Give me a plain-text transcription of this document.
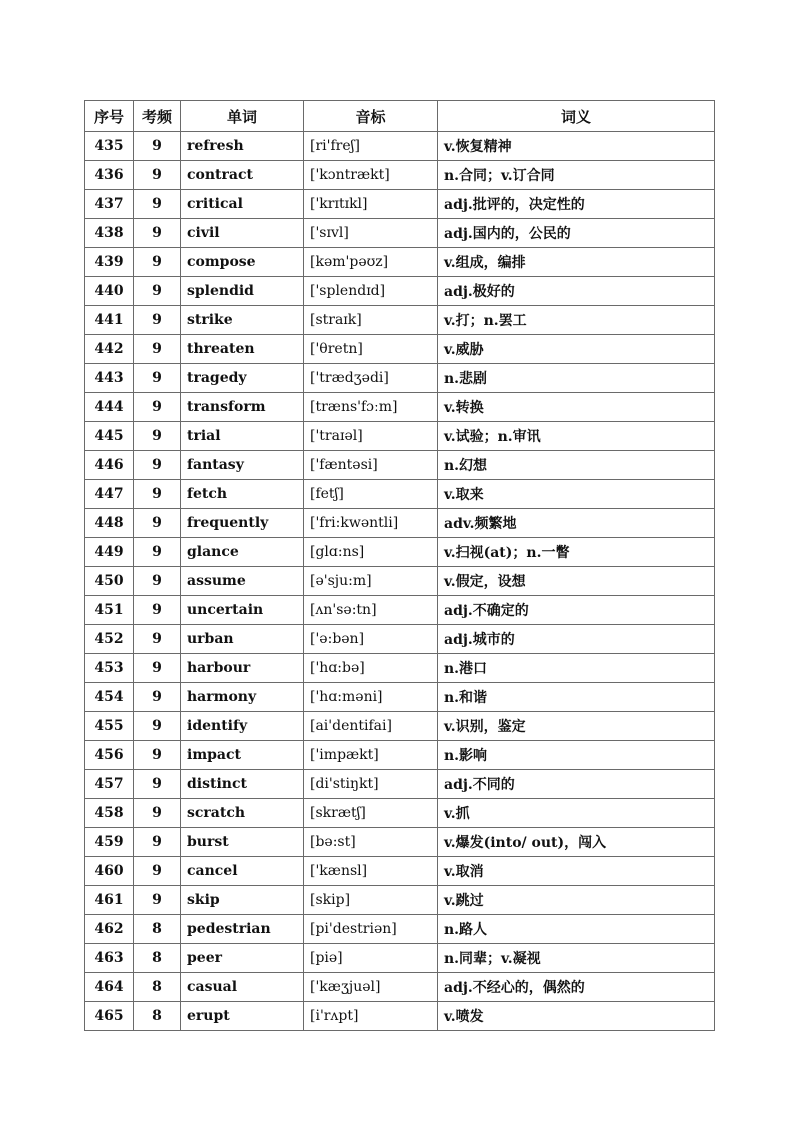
序号	考频	单词	音标	词义
435	9	refresh	[ri'freʃ]	v.恢复精神
436	9	contract	['kɔntrækt]	n.合同；v.订合同
437	9	critical	['krɪtɪkl]	adj.批评的，决定性的
438	9	civil	['sɪvl]	adj.国内的，公民的
439	9	compose	[kəm'pəʊz]	v.组成，编排
440	9	splendid	['splendɪd]	adj.极好的
441	9	strike	[straɪk]	v.打；n.罢工
442	9	threaten	['θretn]	v.威胁
443	9	tragedy	['trædʒədi]	n.悲剧
444	9	transform	[træns'fɔːm]	v.转换
445	9	trial	['traɪəl]	v.试验；n.审讯
446	9	fantasy	['fæntəsi]	n.幻想
447	9	fetch	[fetʃ]	v.取来
448	9	frequently	['fri:kwəntli]	adv.频繁地
449	9	glance	[glɑ:ns]	v.扫视(at)；n.一瞥
450	9	assume	[ə'sju:m]	v.假定，设想
451	9	uncertain	[ʌn'sə:tn]	adj.不确定的
452	9	urban	['ə:bən]	adj.城市的
453	9	harbour	['hɑ:bə]	n.港口
454	9	harmony	['hɑ:məni]	n.和谐
455	9	identify	[ai'dentifai]	v.识别，鉴定
456	9	impact	['impækt]	n.影响
457	9	distinct	[di'stiŋkt]	adj.不同的
458	9	scratch	[skrætʃ]	v.抓
459	9	burst	[bə:st]	v.爆发(into/ out)，闯入
460	9	cancel	['kænsl]	v.取消
461	9	skip	[skip]	v.跳过
462	8	pedestrian	[pi'destriən]	n.路人
463	8	peer	[piə]	n.同辈；v.凝视
464	8	casual	['kæʒjuəl]	adj.不经心的，偶然的
465	8	erupt	[i'rʌpt]	v.喷发
